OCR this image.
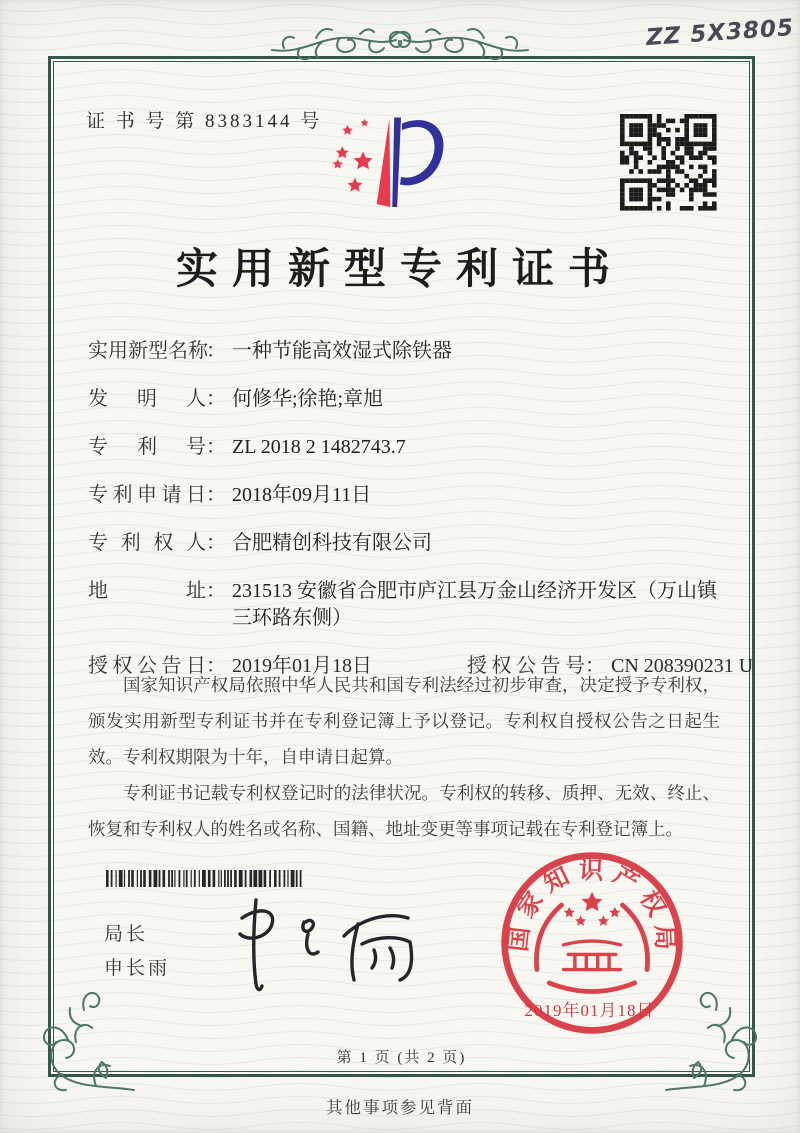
ZZ 5X3805
证 书 号 第 8383144 号
实用新型专利证书
实用新型名称： 一种节能高效湿式除铁器
发明人： 何修华;徐艳;章旭
专利号： ZL 2018 2 1482743.7
专利申请日： 2018年09月11日
专利权人： 合肥精创科技有限公司
地址： 231513 安徽省合肥市庐江县万金山经济开发区（万山镇三环路东侧）
授权公告日： 2019年01月18日	授权公告号： CN 208390231 U

国家知识产权局依照中华人民共和国专利法经过初步审查，决定授予专利权，颁发实用新型专利证书并在专利登记簿上予以登记。专利权自授权公告之日起生效。专利权期限为十年，自申请日起算。

专利证书记载专利权登记时的法律状况。专利权的转移、质押、无效、终止、恢复和专利权人的姓名或名称、国籍、地址变更等事项记载在专利登记簿上。

局长
申长雨
国家知识产权局
2019年01月18日
第 1 页 (共 2 页)
其他事项参见背面
